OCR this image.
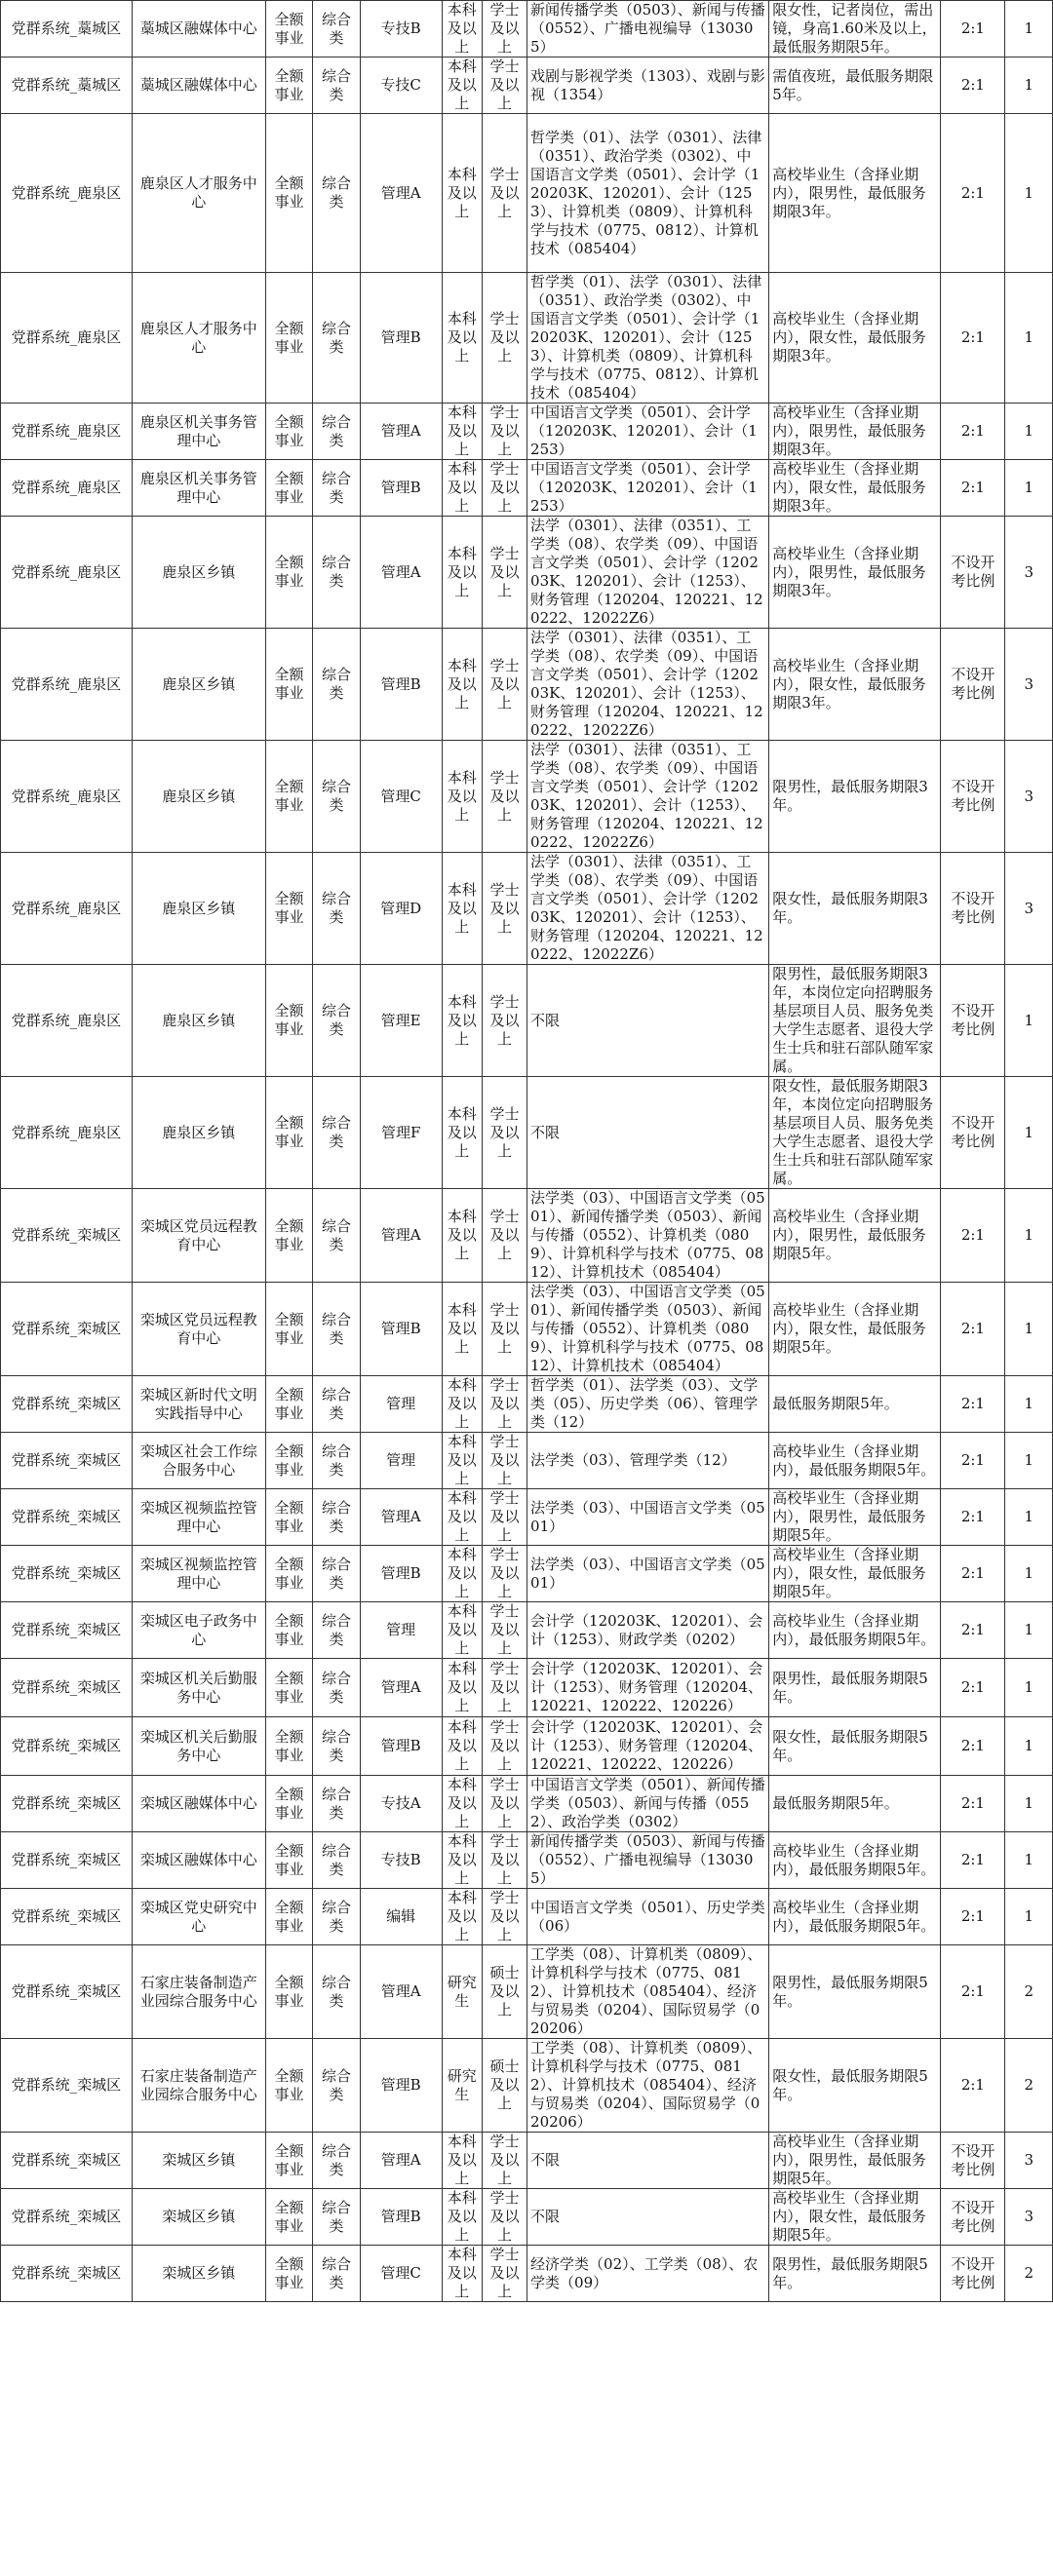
党群系统_藁城区	藁城区融媒体中心	全额事业	综合类	专技B	本科及以上	学士及以上	新闻传播学类（0503）、新闻与传播（0552）、广播电视编导（130305）	限女性，记者岗位，需出镜，身高1.60米及以上，最低服务期限5年。	2:1	1
党群系统_藁城区	藁城区融媒体中心	全额事业	综合类	专技C	本科及以上	学士及以上	戏剧与影视学类（1303）、戏剧与影视（1354）	需值夜班，最低服务期限5年。	2:1	1
党群系统_鹿泉区	鹿泉区人才服务中心	全额事业	综合类	管理A	本科及以上	学士及以上	哲学类（01）、法学（0301）、法律（0351）、政治学类（0302）、中国语言文学类（0501）、会计学（120203K、120201）、会计（1253）、计算机类（0809）、计算机科学与技术（0775、0812）、计算机技术（085404）	高校毕业生（含择业期内），限男性，最低服务期限3年。	2:1	1
党群系统_鹿泉区	鹿泉区人才服务中心	全额事业	综合类	管理B	本科及以上	学士及以上	哲学类（01）、法学（0301）、法律（0351）、政治学类（0302）、中国语言文学类（0501）、会计学（120203K、120201）、会计（1253）、计算机类（0809）、计算机科学与技术（0775、0812）、计算机技术（085404）	高校毕业生（含择业期内），限女性，最低服务期限3年。	2:1	1
党群系统_鹿泉区	鹿泉区机关事务管理中心	全额事业	综合类	管理A	本科及以上	学士及以上	中国语言文学类（0501）、会计学（120203K、120201）、会计（1253）	高校毕业生（含择业期内），限男性，最低服务期限3年。	2:1	1
党群系统_鹿泉区	鹿泉区机关事务管理中心	全额事业	综合类	管理B	本科及以上	学士及以上	中国语言文学类（0501）、会计学（120203K、120201）、会计（1253）	高校毕业生（含择业期内），限女性，最低服务期限3年。	2:1	1
党群系统_鹿泉区	鹿泉区乡镇	全额事业	综合类	管理A	本科及以上	学士及以上	法学（0301）、法律（0351）、工学类（08）、农学类（09）、中国语言文学类（0501）、会计学（120203K、120201）、会计（1253）、财务管理（120204、120221、120222、12022Z6）	高校毕业生（含择业期内），限男性，最低服务期限3年。	不设开考比例	3
党群系统_鹿泉区	鹿泉区乡镇	全额事业	综合类	管理B	本科及以上	学士及以上	法学（0301）、法律（0351）、工学类（08）、农学类（09）、中国语言文学类（0501）、会计学（120203K、120201）、会计（1253）、财务管理（120204、120221、120222、12022Z6）	高校毕业生（含择业期内），限女性，最低服务期限3年。	不设开考比例	3
党群系统_鹿泉区	鹿泉区乡镇	全额事业	综合类	管理C	本科及以上	学士及以上	法学（0301）、法律（0351）、工学类（08）、农学类（09）、中国语言文学类（0501）、会计学（120203K、120201）、会计（1253）、财务管理（120204、120221、120222、12022Z6）	限男性，最低服务期限3年。	不设开考比例	3
党群系统_鹿泉区	鹿泉区乡镇	全额事业	综合类	管理D	本科及以上	学士及以上	法学（0301）、法律（0351）、工学类（08）、农学类（09）、中国语言文学类（0501）、会计学（120203K、120201）、会计（1253）、财务管理（120204、120221、120222、12022Z6）	限女性，最低服务期限3年。	不设开考比例	3
党群系统_鹿泉区	鹿泉区乡镇	全额事业	综合类	管理E	本科及以上	学士及以上	不限	限男性，最低服务期限3年，本岗位定向招聘服务基层项目人员、服务免类大学生志愿者、退役大学生士兵和驻石部队随军家属。	不设开考比例	1
党群系统_鹿泉区	鹿泉区乡镇	全额事业	综合类	管理F	本科及以上	学士及以上	不限	限女性，最低服务期限3年，本岗位定向招聘服务基层项目人员、服务免类大学生志愿者、退役大学生士兵和驻石部队随军家属。	不设开考比例	1
党群系统_栾城区	栾城区党员远程教育中心	全额事业	综合类	管理A	本科及以上	学士及以上	法学类（03）、中国语言文学类（0501）、新闻传播学类（0503）、新闻与传播（0552）、计算机类（0809）、计算机科学与技术（0775、0812）、计算机技术（085404）	高校毕业生（含择业期内），限男性，最低服务期限5年。	2:1	1
党群系统_栾城区	栾城区党员远程教育中心	全额事业	综合类	管理B	本科及以上	学士及以上	法学类（03）、中国语言文学类（0501）、新闻传播学类（0503）、新闻与传播（0552）、计算机类（0809）、计算机科学与技术（0775、0812）、计算机技术（085404）	高校毕业生（含择业期内），限女性，最低服务期限5年。	2:1	1
党群系统_栾城区	栾城区新时代文明实践指导中心	全额事业	综合类	管理	本科及以上	学士及以上	哲学类（01）、法学类（03）、文学类（05）、历史学类（06）、管理学类（12）	最低服务期限5年。	2:1	1
党群系统_栾城区	栾城区社会工作综合服务中心	全额事业	综合类	管理	本科及以上	学士及以上	法学类（03）、管理学类（12）	高校毕业生（含择业期内），最低服务期限5年。	2:1	1
党群系统_栾城区	栾城区视频监控管理中心	全额事业	综合类	管理A	本科及以上	学士及以上	法学类（03）、中国语言文学类（0501）	高校毕业生（含择业期内），限男性，最低服务期限5年。	2:1	1
党群系统_栾城区	栾城区视频监控管理中心	全额事业	综合类	管理B	本科及以上	学士及以上	法学类（03）、中国语言文学类（0501）	高校毕业生（含择业期内），限女性，最低服务期限5年。	2:1	1
党群系统_栾城区	栾城区电子政务中心	全额事业	综合类	管理	本科及以上	学士及以上	会计学（120203K、120201）、会计（1253）、财政学类（0202）	高校毕业生（含择业期内），最低服务期限5年。	2:1	1
党群系统_栾城区	栾城区机关后勤服务中心	全额事业	综合类	管理A	本科及以上	学士及以上	会计学（120203K、120201）、会计（1253）、财务管理（120204、120221、120222、120226）	限男性，最低服务期限5年。	2:1	1
党群系统_栾城区	栾城区机关后勤服务中心	全额事业	综合类	管理B	本科及以上	学士及以上	会计学（120203K、120201）、会计（1253）、财务管理（120204、120221、120222、120226）	限女性，最低服务期限5年。	2:1	1
党群系统_栾城区	栾城区融媒体中心	全额事业	综合类	专技A	本科及以上	学士及以上	中国语言文学类（0501）、新闻传播学类（0503）、新闻与传播（0552）、政治学类（0302）	最低服务期限5年。	2:1	1
党群系统_栾城区	栾城区融媒体中心	全额事业	综合类	专技B	本科及以上	学士及以上	新闻传播学类（0503）、新闻与传播（0552）、广播电视编导（130305）	高校毕业生（含择业期内），最低服务期限5年。	2:1	1
党群系统_栾城区	栾城区党史研究中心	全额事业	综合类	编辑	本科及以上	学士及以上	中国语言文学类（0501）、历史学类（06）	高校毕业生（含择业期内），最低服务期限5年。	2:1	1
党群系统_栾城区	石家庄装备制造产业园综合服务中心	全额事业	综合类	管理A	研究生	硕士及以上	工学类（08）、计算机类（0809）、计算机科学与技术（0775、0812）、计算机技术（085404）、经济与贸易类（0204）、国际贸易学（020206）	限男性，最低服务期限5年。	2:1	2
党群系统_栾城区	石家庄装备制造产业园综合服务中心	全额事业	综合类	管理B	研究生	硕士及以上	工学类（08）、计算机类（0809）、计算机科学与技术（0775、0812）、计算机技术（085404）、经济与贸易类（0204）、国际贸易学（020206）	限女性，最低服务期限5年。	2:1	2
党群系统_栾城区	栾城区乡镇	全额事业	综合类	管理A	本科及以上	学士及以上	不限	高校毕业生（含择业期内），限男性，最低服务期限5年。	不设开考比例	3
党群系统_栾城区	栾城区乡镇	全额事业	综合类	管理B	本科及以上	学士及以上	不限	高校毕业生（含择业期内），限女性，最低服务期限5年。	不设开考比例	3
党群系统_栾城区	栾城区乡镇	全额事业	综合类	管理C	本科及以上	学士及以上	经济学类（02）、工学类（08）、农学类（09）	限男性，最低服务期限5年。	不设开考比例	2
